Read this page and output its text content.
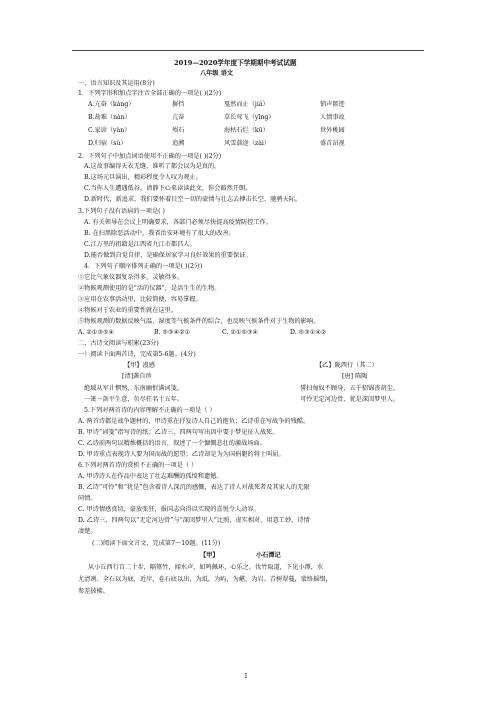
2019—2020学年度下学期期中考试试题
八年级 语文
一、语言知识及其运用(8分)
1．下列字形和加点字注音全部正确的一项是( )(2分)
A.亢奋（kàng）	摒挡	戛然而止（jiá）	销声匿迹
B.劫难（nàn）	亢奋	草长莺飞（yīng）	人情事故
C.家谚（yàn）	殒石	海枯石烂（kū）	世外桃园
D.归宿（sù）	追溯	风雪载途（zài）	盛首昂视
2．下列句子中加点词语使用不正确的一项是( )(2分)
A.这故事编得天衣无缝，谁听了都会以为是真的。
B.这场元旦演出，精彩程度令人叹为观止。
C.当你人生遭遇低谷，请静下心来读读此文，你会豁然开朗。
D.新时代，新追求，我们要怀着目空一切的豪情与壮志去搏击长空、驰骋天际。
3.下列句子没有语病的一项是( )
A. 有关领导在会议上明确要求，各部门必须尽快提高疫情防控工作。
B. 在扫黑除恶活动中，我省治安环境有了很大的改善。
C.江万里的祖籍是江西省九江市都昌人。
D.能否做到自觉自律，是确保居家学习良好效果的重要保证。
4．下列句子顺序排列正确的一项是( )(2分)
①它比气象仪器复杂得多，灵敏得多。
②物候观测使用的是“活的仪器”，是活生生的生物。
③应用在农事活动里，比较简便，容易掌握。
④物候对于农业的重要性就在这里。
⑤物候观测的数据反映气温、湿度等气候条件的综合，也反映气候条件对于生物的影响。
A. ②①③⑤④	B. ⑤③④②①	C. ②①⑤③④	D. ⑤③①④②
二、古诗文阅读与积累(23分)
一）阅读下面两首诗，完成第5-6题。(4分)
【甲】漫感	【乙】陇西行（其二）
[清]龚自珍	[唐] 陈陶
绝域从军计惘然，东南幽恨满词笺。	誓扫匈奴不顾身，五千貂锦丧胡尘。
一箫一剑平生意，负尽狂名十五年。	可怜无定河边骨，犹是深闺梦里人。
5.下列对两首诗的内容理解不正确的一项是（ ）
A. 两首诗都是战争题材的，甲诗重在抒发诗人自己的抱负；乙诗重在写战争的残酷。
B. 甲诗“词笺”指写诗的纸；乙诗三、四两句写出因中要于梦见征人战死。
C. 乙诗前两句以精炼概括的语言，叙述了一个慷慨悲壮的激战场面。
D. 甲诗重点表现诗人要为国而战的愿望；乙诗却是为为国捐躯的将士叫屈。
6.下列对两首诗的赏析不正确的一项是（ ）
A. 甲诗诗人在作品中表达了壮志难酬的孤愤和遗憾。
B. 乙诗“可怜”和“犹是”包含着诗人深沉的感慨，表达了诗人对战死者及其家人的无限
同情。
C. 甲诗情感真切，豪放张狂，报国志向得以实现的喜悦令人动容。
D. 乙诗三、四两句以“无定河边骨”与“深闺梦里人”比照，虚实相对，用意工妙，诗情
凄楚。
(二)阅读下面文言文，完成第7～10题。(11分)
【甲】	小石潭记
从小丘西行百二十步，隔篁竹，闻水声，如鸣佩环，心乐之。伐竹取道，下见小潭，水
尤清冽。全石以为底，近岸，卷石底以出，为坻，为屿，为嵁，为岩。青树翠蔓，蒙络摇缀，
参差披拂。
1
